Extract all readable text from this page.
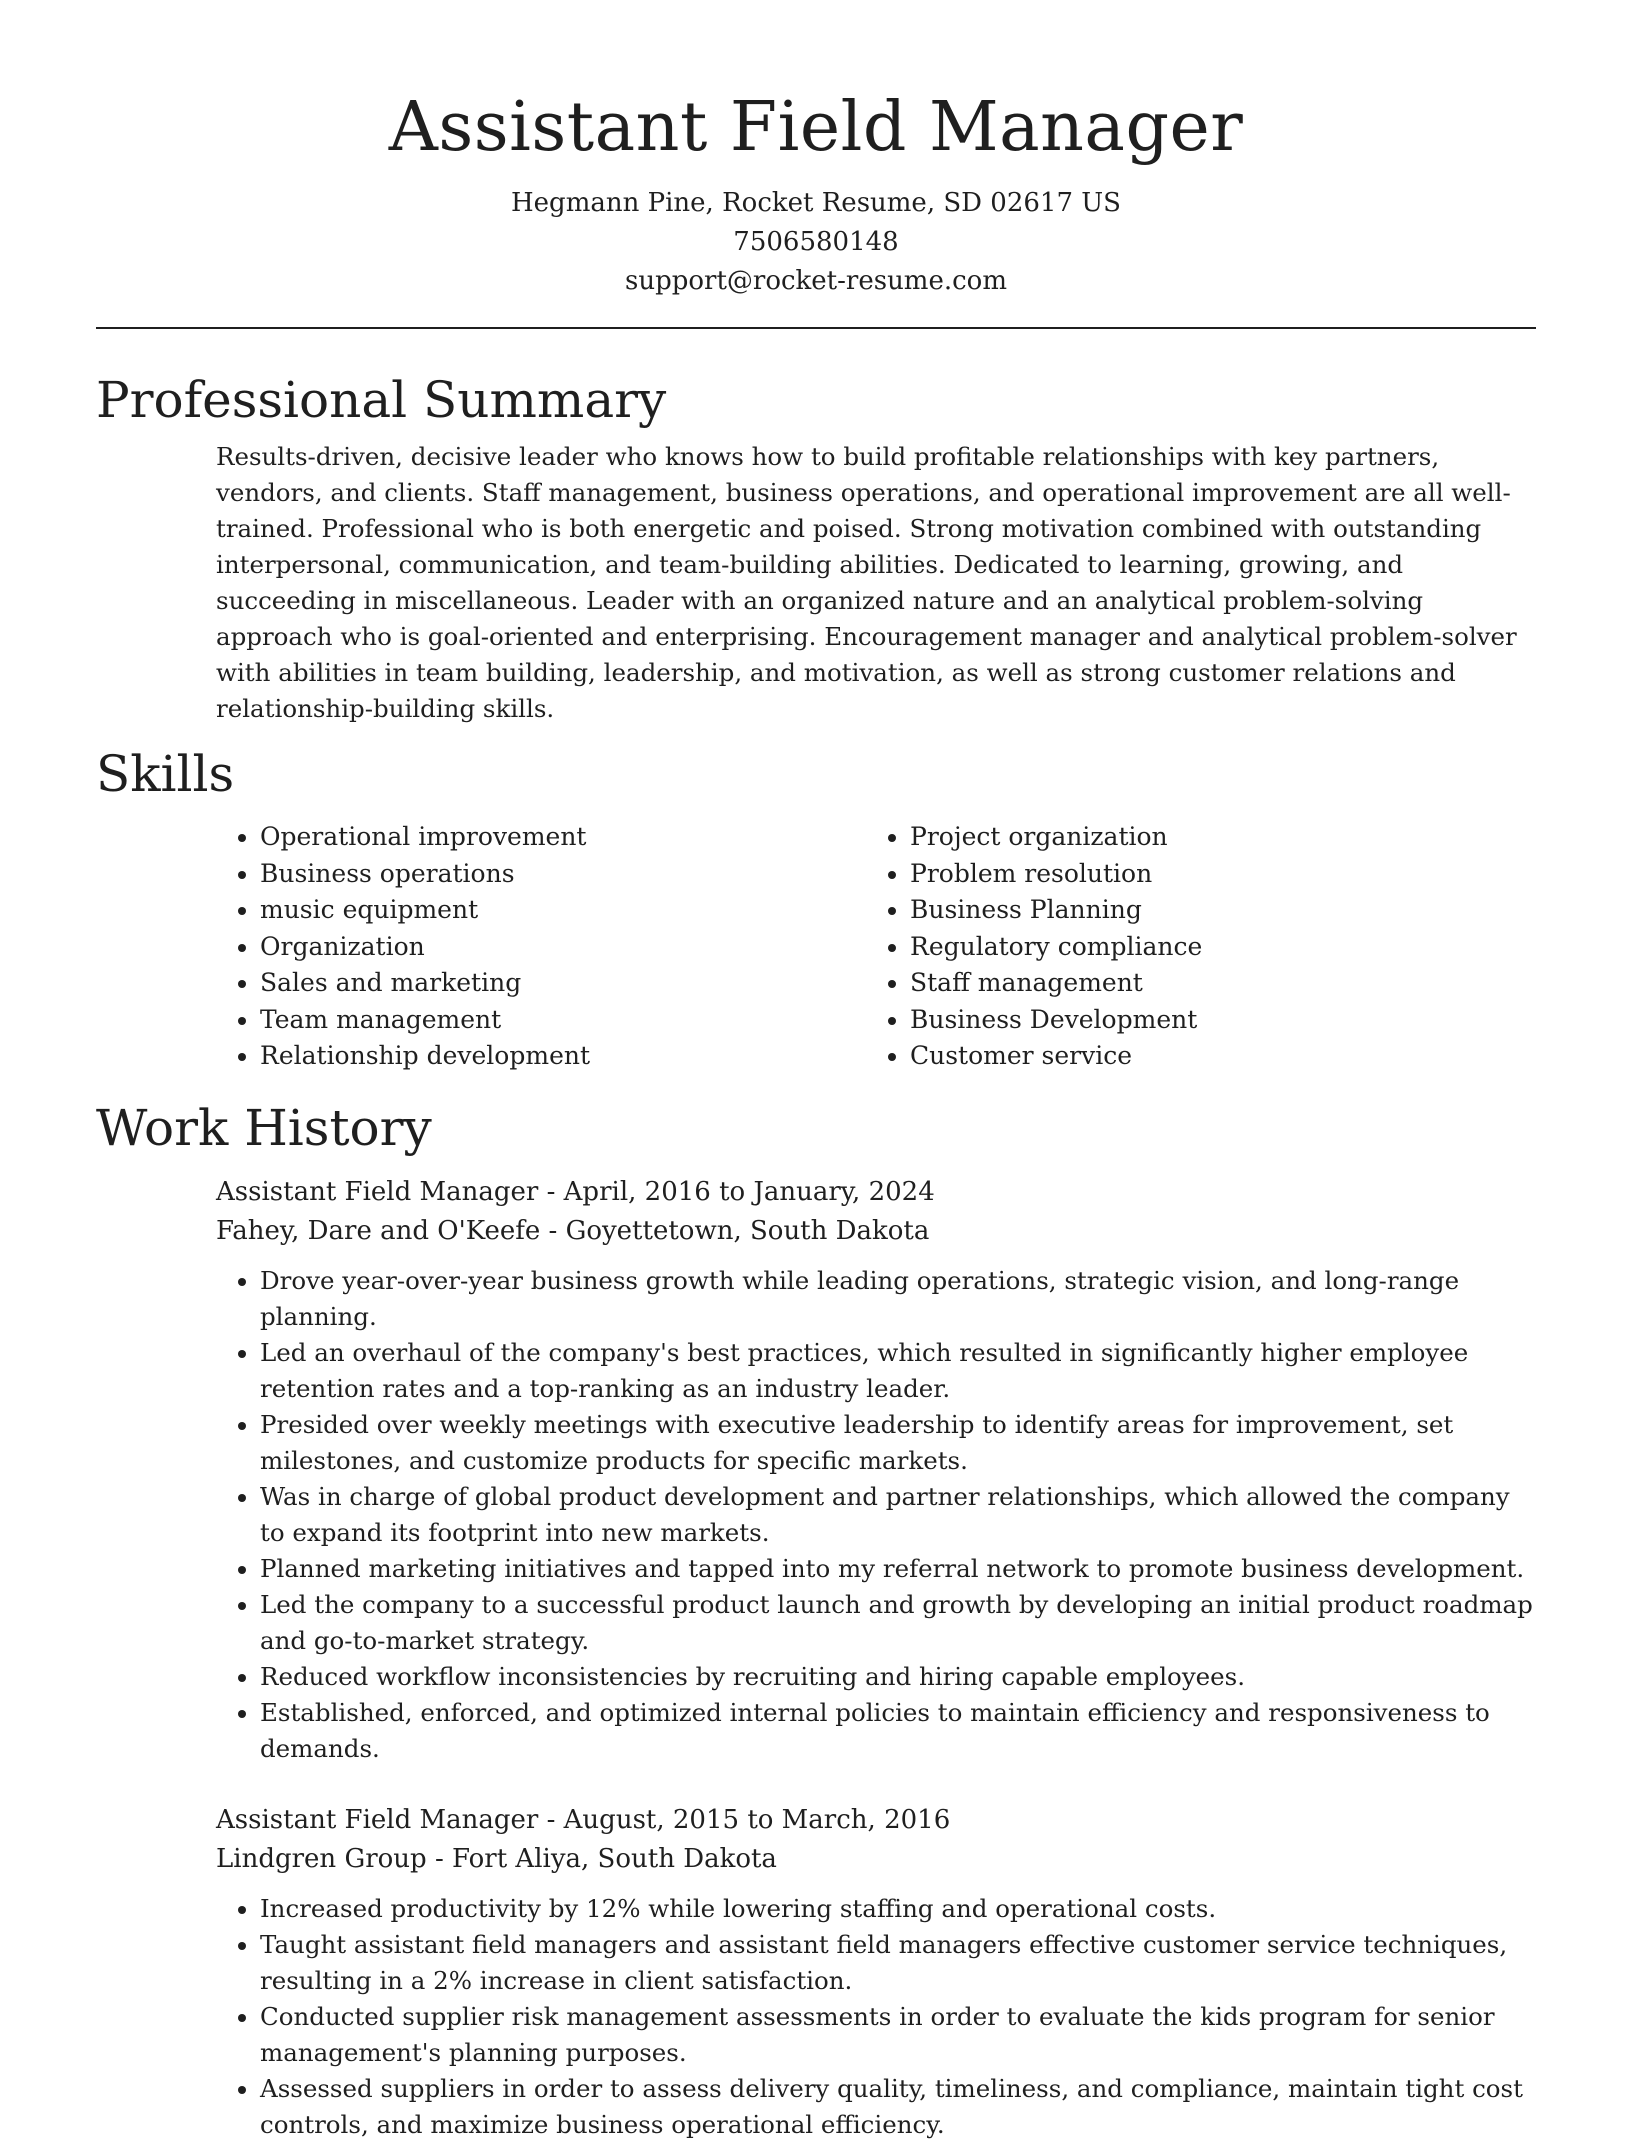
Assistant Field Manager
Hegmann Pine, Rocket Resume, SD 02617 US
7506580148
support@rocket-resume.com
Professional Summary
Results-driven, decisive leader who knows how to build profitable relationships with key partners, vendors, and clients. Staff management, business operations, and operational improvement are all well-trained. Professional who is both energetic and poised. Strong motivation combined with outstanding interpersonal, communication, and team-building abilities. Dedicated to learning, growing, and succeeding in miscellaneous. Leader with an organized nature and an analytical problem-solving approach who is goal-oriented and enterprising. Encouragement manager and analytical problem-solver with abilities in team building, leadership, and motivation, as well as strong customer relations and relationship-building skills.
Skills
• Operational improvement
• Business operations
• music equipment
• Organization
• Sales and marketing
• Team management
• Relationship development
• Project organization
• Problem resolution
• Business Planning
• Regulatory compliance
• Staff management
• Business Development
• Customer service
Work History
Assistant Field Manager - April, 2016 to January, 2024
Fahey, Dare and O'Keefe - Goyettetown, South Dakota
• Drove year-over-year business growth while leading operations, strategic vision, and long-range planning.
• Led an overhaul of the company's best practices, which resulted in significantly higher employee retention rates and a top-ranking as an industry leader.
• Presided over weekly meetings with executive leadership to identify areas for improvement, set milestones, and customize products for specific markets.
• Was in charge of global product development and partner relationships, which allowed the company to expand its footprint into new markets.
• Planned marketing initiatives and tapped into my referral network to promote business development.
• Led the company to a successful product launch and growth by developing an initial product roadmap and go-to-market strategy.
• Reduced workflow inconsistencies by recruiting and hiring capable employees.
• Established, enforced, and optimized internal policies to maintain efficiency and responsiveness to demands.
Assistant Field Manager - August, 2015 to March, 2016
Lindgren Group - Fort Aliya, South Dakota
• Increased productivity by 12% while lowering staffing and operational costs.
• Taught assistant field managers and assistant field managers effective customer service techniques, resulting in a 2% increase in client satisfaction.
• Conducted supplier risk management assessments in order to evaluate the kids program for senior management's planning purposes.
• Assessed suppliers in order to assess delivery quality, timeliness, and compliance, maintain tight cost controls, and maximize business operational efficiency.
